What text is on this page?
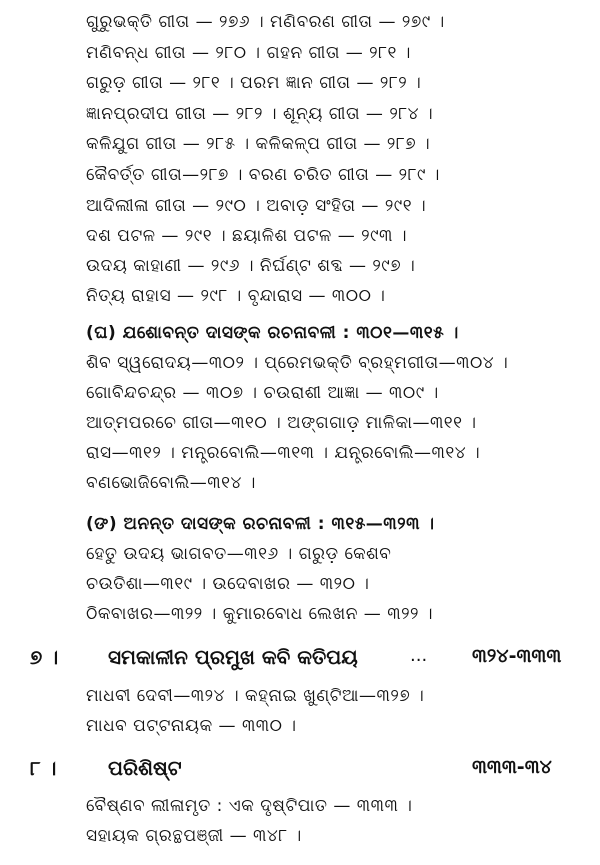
ଗୁରୁଭକ୍ତି ଗୀତା — ୨୭୬ । ମଣିବରଣ ଗୀତା — ୨୭୯ ।
ମଣିବନ୍ଧ ଗୀତା — ୨୮୦ । ଗହନ ଗୀତା — ୨୮୧ ।
ଗରୁଡ଼ ଗୀତା — ୨୮୧ । ପରମ ଜ୍ଞାନ ଗୀତା — ୨୮୨ ।
ଜ୍ଞାନପ୍ରଦୀପ ଗୀତା — ୨୮୨ । ଶୂନ୍ୟ ଗୀତା — ୨୮୪ ।
କଳିଯୁଗ ଗୀତା — ୨୮୫ । କଳିକଳ୍ପ ଗୀତା — ୨୮୭ ।
କୈବର୍ତ୍ତ ଗୀତା—୨୮୭ । ବରଣ ଚରିତ ଗୀତା — ୨୮୯ ।
ଆଦିଲୀଳା ଗୀତା — ୨୯୦ । ଅବାଡ଼ ସଂହିତା — ୨୯୧ ।
ଦଶ ପଟଳ — ୨୯୧ । ଛୟାଳିଶ ପଟଳ — ୨୯୩ ।
ଉଦୟ କାହାଣୀ — ୨୯୬ । ନିର୍ଘଣ୍ଟ ଶବ୍ଦ — ୨୯୭ ।
ନିତ୍ୟ ରାହାସ — ୨୯୮ । ବୃନ୍ଦାରାସ — ୩୦୦ ।
(ଘ) ଯଶୋବନ୍ତ ଦାସଙ୍କ ରଚନାବଳୀ : ୩୦୧—୩୧୫ ।
ଶିବ ସ୍ୱରୋଦୟ—୩୦୨ । ପ୍ରେମଭକ୍ତି ବ୍ରହ୍ମଗୀତା—୩୦୪ ।
ଗୋବିନ୍ଦଚନ୍ଦ୍ର — ୩୦୭ । ଚଉରାଶୀ ଆଜ୍ଞା — ୩୦୯ ।
ଆତ୍ମପରଚେ ଗୀତା—୩୧୦ । ଅଙ୍ଗଗାଡ଼ ମାଳିକା—୩୧୧ ।
ରାସ—୩୧୨ । ମନ୍ତ୍ରବୋଲି—୩୧୩ । ଯନ୍ତ୍ରବୋଲି—୩୧୪ ।
ବଣଭୋଜିବୋଲି—୩୧୪ ।
(ଙ) ଅନନ୍ତ ଦାସଙ୍କ ରଚନାବଳୀ : ୩୧୫—୩୨୩ ।
ହେତୁ ଉଦୟ ଭାଗବତ—୩୧୬ । ଗରୁଡ଼ କେଶବ
ଚଉତିଶା—୩୧୯ । ଉଦେବାଖର — ୩୨୦ ।
ଠିକବାଖର—୩୨୨ । କୁମାରବୋଧ ଲେଖନ — ୩୨୨ ।
୭ । ସମକାଳୀନ ପ୍ରମୁଖ କବି କତିପୟ	... ୩୨୪-୩୩୩
ମାଧବୀ ଦେବୀ—୩୨୪ । କହ୍ନାଇ ଖୁଣ୍ଟିଆ—୩୨୭ ।
ମାଧବ ପଟ୍ଟନାୟକ — ୩୩୦ ।
୮ ।	ପରିଶିଷ୍ଟ	୩୩୩-୩୪
ବୈଷ୍ଣବ ଲୀଳାମୃତ : ଏକ ଦୃଷ୍ଟିପାତ — ୩୩୩ ।
ସହାୟକ ଗ୍ରନ୍ଥପଞ୍ଜୀ — ୩୪୮ ।
